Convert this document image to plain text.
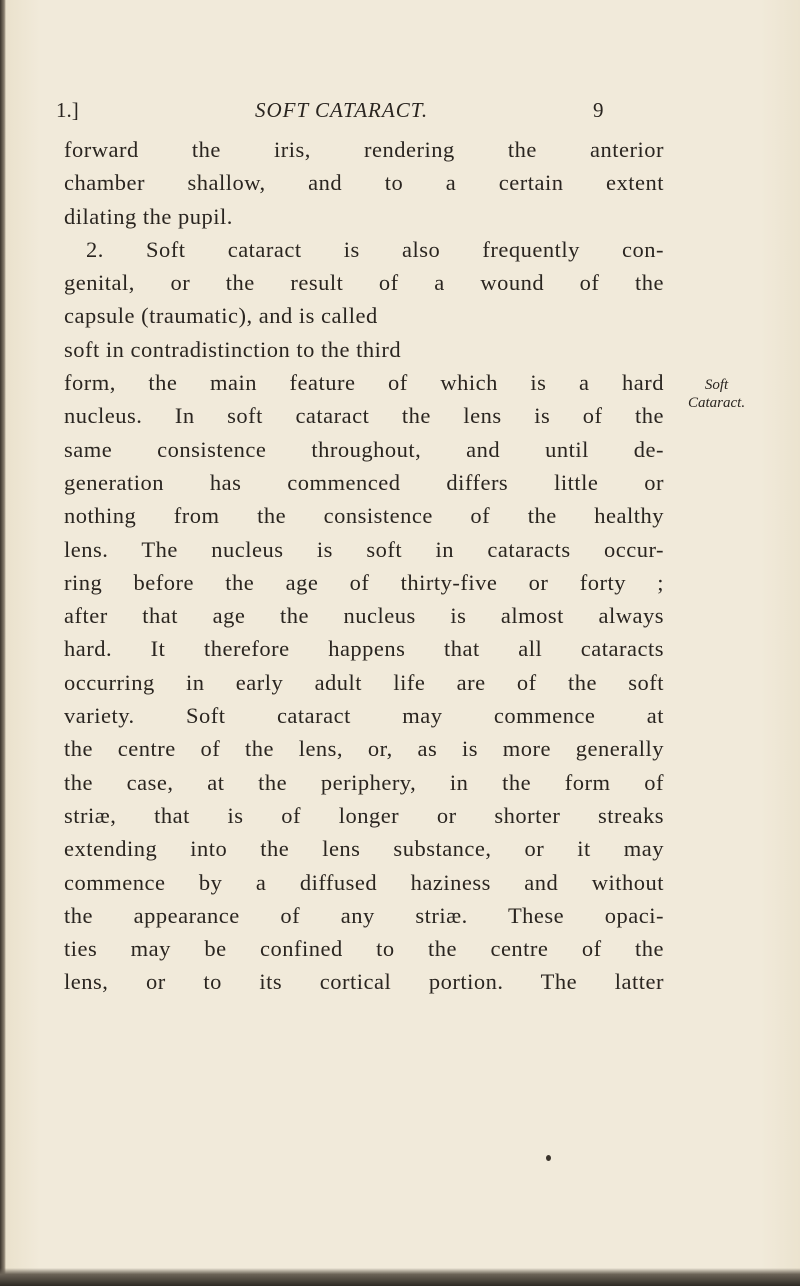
1.]	SOFT CATARACT.	9
forward the iris, rendering the anterior
chamber shallow, and to a certain extent
dilating the pupil.
2. Soft cataract is also frequently con-
genital, or the result of a wound of the
capsule (traumatic), and is called
soft in contradistinction to the third
form, the main feature of which is a hard
nucleus. In soft cataract the lens is of the
same consistence throughout, and until de-
generation has commenced differs little or
nothing from the consistence of the healthy
lens. The nucleus is soft in cataracts occur-
ring before the age of thirty-five or forty ;
after that age the nucleus is almost always
hard. It therefore happens that all cataracts
occurring in early adult life are of the soft
variety. Soft cataract may commence at
the centre of the lens, or, as is more generally
the case, at the periphery, in the form of
striæ, that is of longer or shorter streaks
extending into the lens substance, or it may
commence by a diffused haziness and without
the appearance of any striæ. These opaci-
ties may be confined to the centre of the
lens, or to its cortical portion. The latter
Soft
Cataract.
